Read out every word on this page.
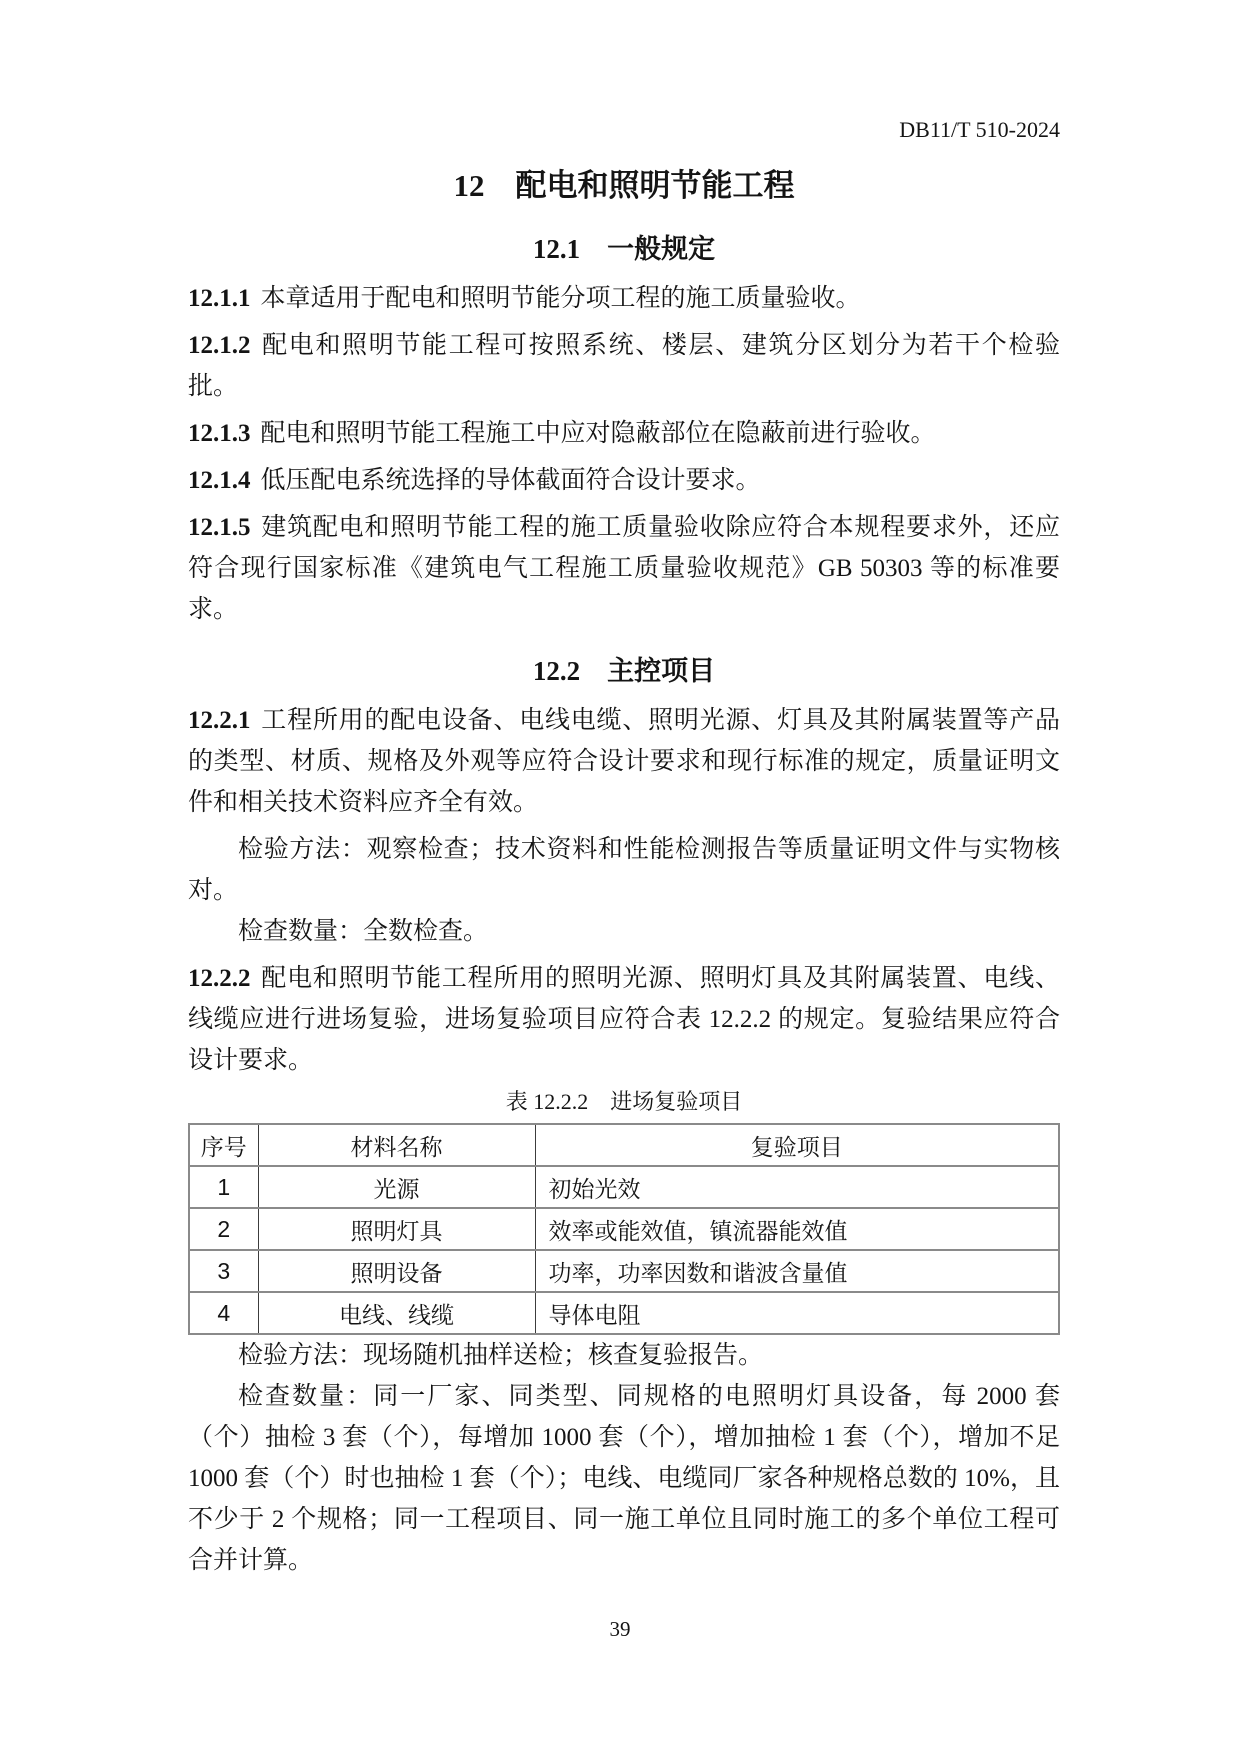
DB11/T 510-2024
12　配电和照明节能工程
12.1　一般规定

12.1.1 本章适用于配电和照明节能分项工程的施工质量验收。

12.1.2 配电和照明节能工程可按照系统、楼层、建筑分区划分为若干个检验批。

12.1.3 配电和照明节能工程施工中应对隐蔽部位在隐蔽前进行验收。

12.1.4 低压配电系统选择的导体截面符合设计要求。

12.1.5 建筑配电和照明节能工程的施工质量验收除应符合本规程要求外，还应符合现行国家标准《建筑电气工程施工质量验收规范》GB 50303 等的标准要求。

12.2　主控项目

12.2.1 工程所用的配电设备、电线电缆、照明光源、灯具及其附属装置等产品的类型、材质、规格及外观等应符合设计要求和现行标准的规定，质量证明文件和相关技术资料应齐全有效。

检验方法：观察检查；技术资料和性能检测报告等质量证明文件与实物核对。

检查数量：全数检查。

12.2.2 配电和照明节能工程所用的照明光源、照明灯具及其附属装置、电线、线缆应进行进场复验，进场复验项目应符合表 12.2.2 的规定。复验结果应符合设计要求。

表 12.2.2　进场复验项目
序号	材料名称	复验项目
1	光源	初始光效
2	照明灯具	效率或能效值，镇流器能效值
3	照明设备	功率，功率因数和谐波含量值
4	电线、线缆	导体电阻

检验方法：现场随机抽样送检；核查复验报告。

检查数量：同一厂家、同类型、同规格的电照明灯具设备，每 2000 套（个）抽检 3 套（个），每增加 1000 套（个），增加抽检 1 套（个），增加不足 1000 套（个）时也抽检 1 套（个）；电线、电缆同厂家各种规格总数的 10%，且不少于 2 个规格；同一工程项目、同一施工单位且同时施工的多个单位工程可合并计算。

39
